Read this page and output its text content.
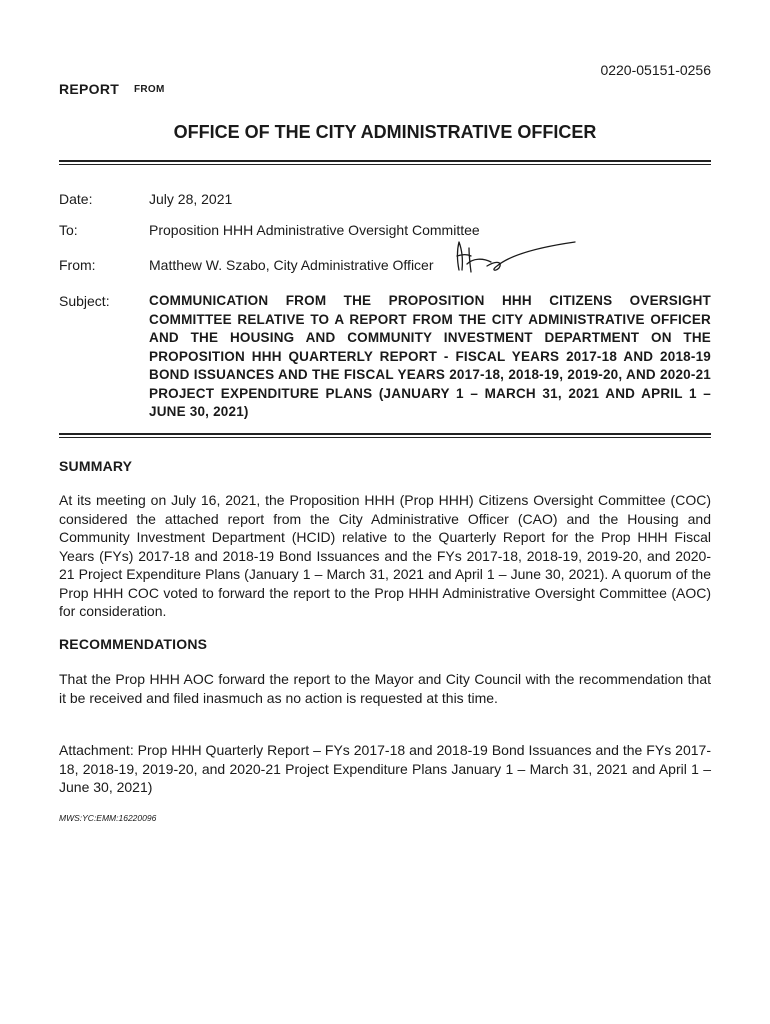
0220-05151-0256
REPORT FROM
OFFICE OF THE CITY ADMINISTRATIVE OFFICER
Date:	July 28, 2021
To:	Proposition HHH Administrative Oversight Committee
From:	Matthew W. Szabo, City Administrative Officer
Subject:	COMMUNICATION FROM THE PROPOSITION HHH CITIZENS OVERSIGHT COMMITTEE RELATIVE TO A REPORT FROM THE CITY ADMINISTRATIVE OFFICER AND THE HOUSING AND COMMUNITY INVESTMENT DEPARTMENT ON THE PROPOSITION HHH QUARTERLY REPORT - FISCAL YEARS 2017-18 AND 2018-19 BOND ISSUANCES AND THE FISCAL YEARS 2017-18, 2018-19, 2019-20, AND 2020-21 PROJECT EXPENDITURE PLANS (JANUARY 1 – MARCH 31, 2021 AND APRIL 1 – JUNE 30, 2021)
SUMMARY
At its meeting on July 16, 2021, the Proposition HHH (Prop HHH) Citizens Oversight Committee (COC) considered the attached report from the City Administrative Officer (CAO) and the Housing and Community Investment Department (HCID) relative to the Quarterly Report for the Prop HHH Fiscal Years (FYs) 2017-18 and 2018-19 Bond Issuances and the FYs 2017-18, 2018-19, 2019-20, and 2020-21 Project Expenditure Plans (January 1 – March 31, 2021 and April 1 – June 30, 2021). A quorum of the Prop HHH COC voted to forward the report to the Prop HHH Administrative Oversight Committee (AOC) for consideration.
RECOMMENDATIONS
That the Prop HHH AOC forward the report to the Mayor and City Council with the recommendation that it be received and filed inasmuch as no action is requested at this time.
Attachment: Prop HHH Quarterly Report – FYs 2017-18 and 2018-19 Bond Issuances and the FYs 2017-18, 2018-19, 2019-20, and 2020-21 Project Expenditure Plans January 1 – March 31, 2021 and April 1 – June 30, 2021)
MWS:YC:EMM:16220096
